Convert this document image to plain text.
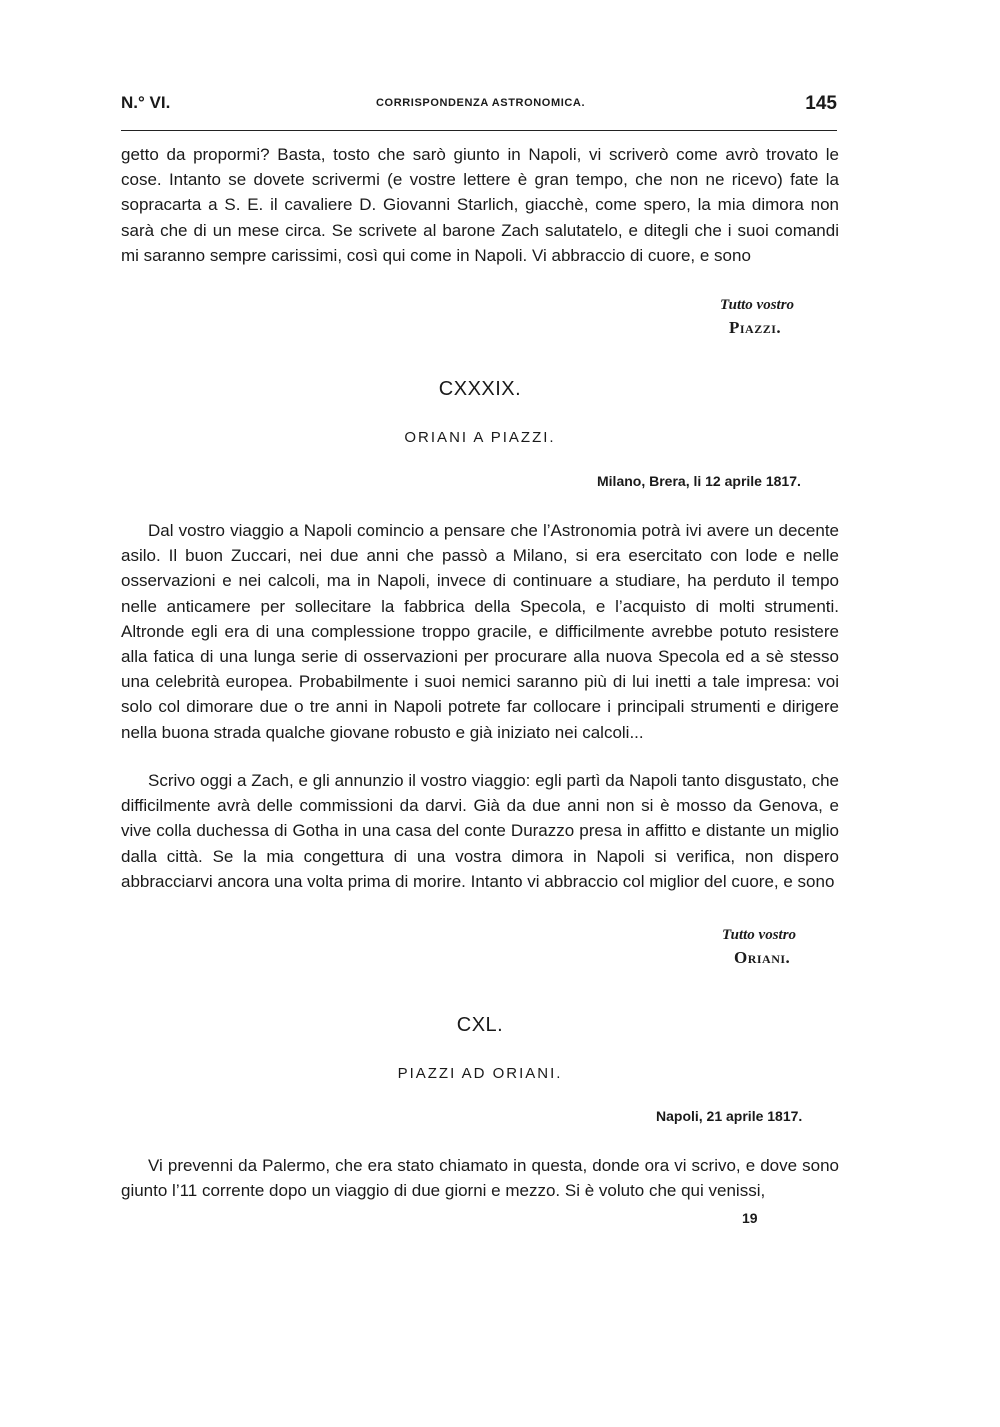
N.° VI.	CORRISPONDENZA ASTRONOMICA.	145

getto da propormi? Basta, tosto che sarò giunto in Napoli, vi scriverò come avrò trovato le cose. Intanto se dovete scrivermi (e vostre lettere è gran tempo, che non ne ricevo) fate la sopracarta a S. E. il cavaliere D. Giovanni Starlich, giacchè, come spero, la mia dimora non sarà che di un mese circa. Se scrivete al barone Zach salutatelo, e ditegli che i suoi comandi mi saranno sempre carissimi, così qui come in Napoli. Vi abbraccio di cuore, e sono

Tutto vostro
Piazzi.
CXXXIX.
ORIANI A PIAZZI.
Milano, Brera, li 12 aprile 1817.

Dal vostro viaggio a Napoli comincio a pensare che l’Astronomia potrà ivi avere un decente asilo. Il buon Zuccari, nei due anni che passò a Milano, si era esercitato con lode e nelle osservazioni e nei calcoli, ma in Napoli, invece di continuare a studiare, ha perduto il tempo nelle anticamere per sollecitare la fabbrica della Specola, e l’acquisto di molti strumenti. Altronde egli era di una complessione troppo gracile, e difficilmente avrebbe potuto resistere alla fatica di una lunga serie di osservazioni per procurare alla nuova Specola ed a sè stesso una celebrità europea. Probabilmente i suoi nemici saranno più di lui inetti a tale impresa: voi solo col dimorare due o tre anni in Napoli potrete far collocare i principali strumenti e dirigere nella buona strada qualche giovane robusto e già iniziato nei calcoli...

Scrivo oggi a Zach, e gli annunzio il vostro viaggio: egli partì da Napoli tanto disgustato, che difficilmente avrà delle commissioni da darvi. Già da due anni non si è mosso da Genova, e vive colla duchessa di Gotha in una casa del conte Durazzo presa in affitto e distante un miglio dalla città. Se la mia congettura di una vostra dimora in Napoli si verifica, non dispero abbracciarvi ancora una volta prima di morire. Intanto vi abbraccio col miglior del cuore, e sono

Tutto vostro
Oriani.
CXL.
PIAZZI AD ORIANI.
Napoli, 21 aprile 1817.

Vi prevenni da Palermo, che era stato chiamato in questa, donde ora vi scrivo, e dove sono giunto l’11 corrente dopo un viaggio di due giorni e mezzo. Si è voluto che qui venissi,

19
